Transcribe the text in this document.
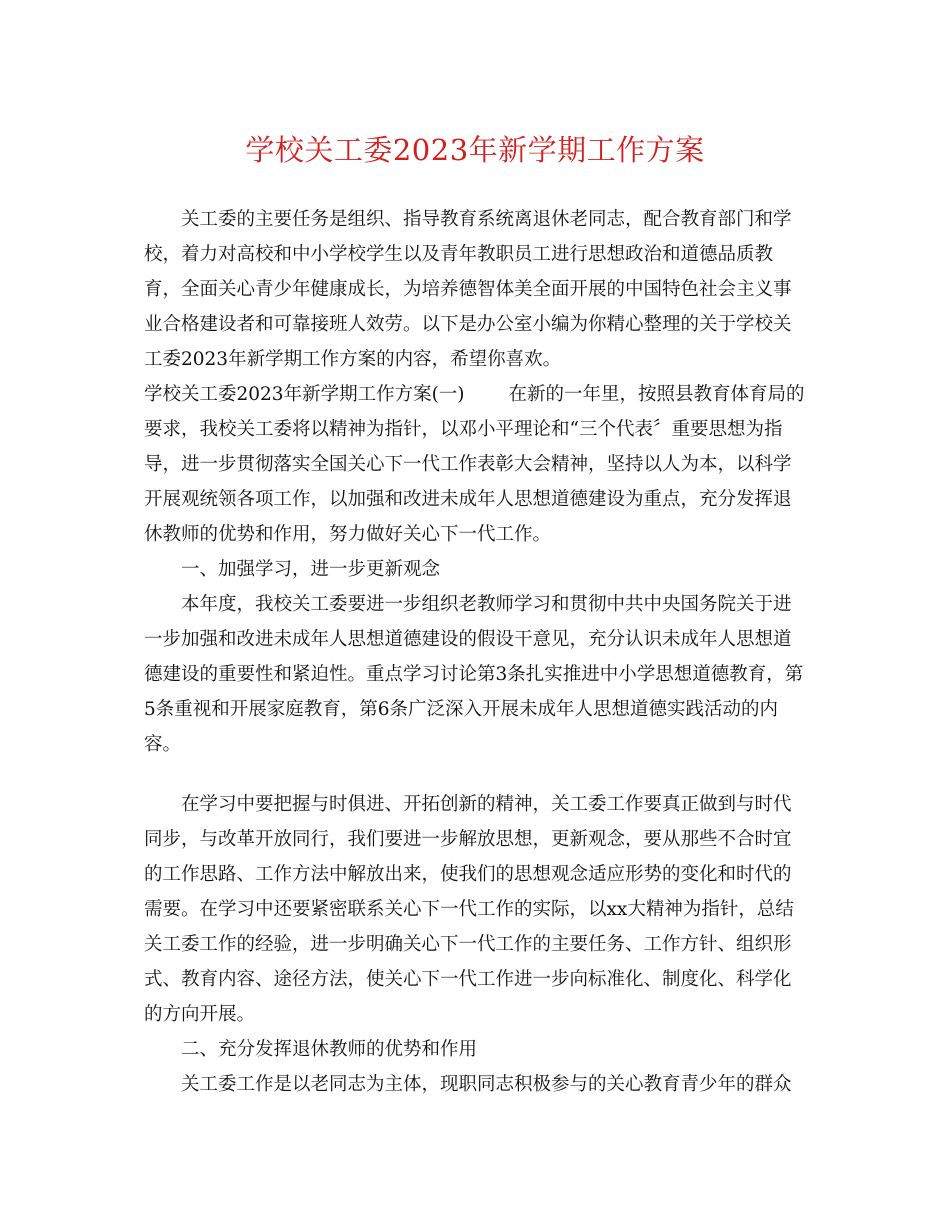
学校关工委2023年新学期工作方案
关工委的主要任务是组织、指导教育系统离退休老同志，配合教育部门和学
校，着力对高校和中小学校学生以及青年教职员工进行思想政治和道德品质教
育，全面关心青少年健康成长，为培养德智体美全面开展的中国特色社会主义事
业合格建设者和可靠接班人效劳。以下是办公室小编为你精心整理的关于学校关
工委2023年新学期工作方案的内容，希望你喜欢。
学校关工委2023年新学期工作方案(一) 在新的一年里，按照县教育体育局的
要求，我校关工委将以精神为指针，以邓小平理论和“三个代表〞重要思想为指
导，进一步贯彻落实全国关心下一代工作表彰大会精神，坚持以人为本，以科学
开展观统领各项工作，以加强和改进未成年人思想道德建设为重点，充分发挥退
休教师的优势和作用，努力做好关心下一代工作。
一、加强学习，进一步更新观念
本年度，我校关工委要进一步组织老教师学习和贯彻中共中央国务院关于进
一步加强和改进未成年人思想道德建设的假设干意见，充分认识未成年人思想道
德建设的重要性和紧迫性。重点学习讨论第3条扎实推进中小学思想道德教育，第
5条重视和开展家庭教育，第6条广泛深入开展未成年人思想道德实践活动的内
容。
在学习中要把握与时俱进、开拓创新的精神，关工委工作要真正做到与时代
同步，与改革开放同行，我们要进一步解放思想，更新观念，要从那些不合时宜
的工作思路、工作方法中解放出来，使我们的思想观念适应形势的变化和时代的
需要。在学习中还要紧密联系关心下一代工作的实际，以xx大精神为指针，总结
关工委工作的经验，进一步明确关心下一代工作的主要任务、工作方针、组织形
式、教育内容、途径方法，使关心下一代工作进一步向标准化、制度化、科学化
的方向开展。
二、充分发挥退休教师的优势和作用
关工委工作是以老同志为主体，现职同志积极参与的关心教育青少年的群众
